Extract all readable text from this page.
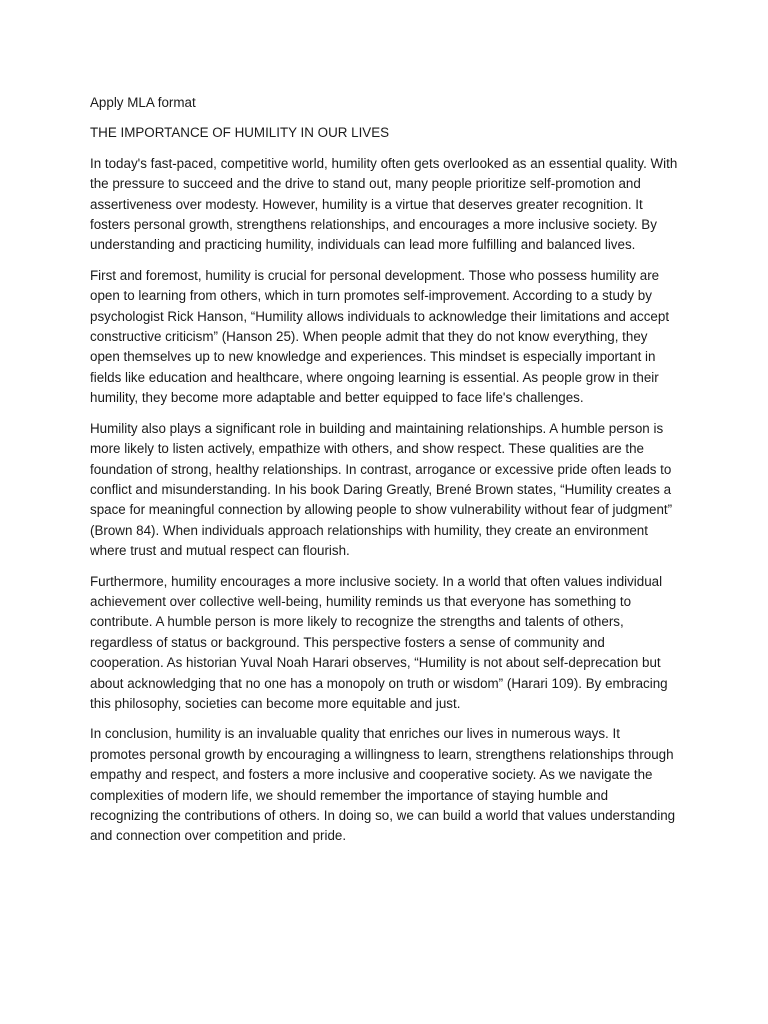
Apply MLA format

THE IMPORTANCE OF HUMILITY IN OUR LIVES

In today's fast-paced, competitive world, humility often gets overlooked as an essential quality. With the pressure to succeed and the drive to stand out, many people prioritize self-promotion and assertiveness over modesty. However, humility is a virtue that deserves greater recognition. It fosters personal growth, strengthens relationships, and encourages a more inclusive society. By understanding and practicing humility, individuals can lead more fulfilling and balanced lives.

First and foremost, humility is crucial for personal development. Those who possess humility are open to learning from others, which in turn promotes self-improvement. According to a study by psychologist Rick Hanson, “Humility allows individuals to acknowledge their limitations and accept constructive criticism” (Hanson 25). When people admit that they do not know everything, they open themselves up to new knowledge and experiences. This mindset is especially important in fields like education and healthcare, where ongoing learning is essential. As people grow in their humility, they become more adaptable and better equipped to face life's challenges.

Humility also plays a significant role in building and maintaining relationships. A humble person is more likely to listen actively, empathize with others, and show respect. These qualities are the foundation of strong, healthy relationships. In contrast, arrogance or excessive pride often leads to conflict and misunderstanding. In his book Daring Greatly, Brené Brown states, “Humility creates a space for meaningful connection by allowing people to show vulnerability without fear of judgment” (Brown 84). When individuals approach relationships with humility, they create an environment where trust and mutual respect can flourish.

Furthermore, humility encourages a more inclusive society. In a world that often values individual achievement over collective well-being, humility reminds us that everyone has something to contribute. A humble person is more likely to recognize the strengths and talents of others, regardless of status or background. This perspective fosters a sense of community and cooperation. As historian Yuval Noah Harari observes, “Humility is not about self-deprecation but about acknowledging that no one has a monopoly on truth or wisdom” (Harari 109). By embracing this philosophy, societies can become more equitable and just.

In conclusion, humility is an invaluable quality that enriches our lives in numerous ways. It promotes personal growth by encouraging a willingness to learn, strengthens relationships through empathy and respect, and fosters a more inclusive and cooperative society. As we navigate the complexities of modern life, we should remember the importance of staying humble and recognizing the contributions of others. In doing so, we can build a world that values understanding and connection over competition and pride.
